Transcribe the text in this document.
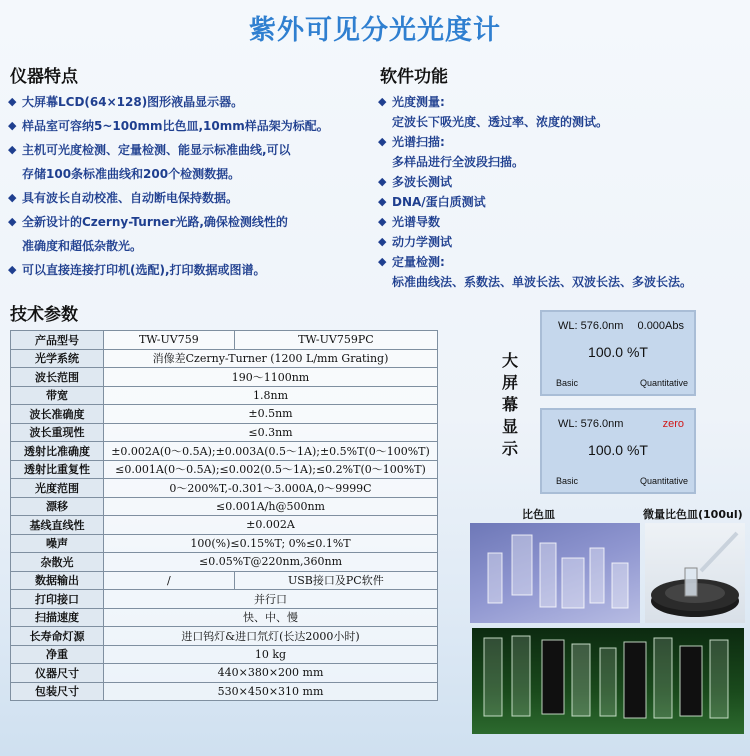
紫外可见分光光度计
仪器特点
◆ 大屏幕LCD(64×128)图形液晶显示器。
◆ 样品室可容纳5~100mm比色皿,10mm样品架为标配。
◆ 主机可光度检测、定量检测、能显示标准曲线,可以
存储100条标准曲线和200个检测数据。
◆ 具有波长自动校准、自动断电保持数据。
◆ 全新设计的Czerny-Turner光路,确保检测线性的
准确度和超低杂散光。
◆ 可以直接连接打印机(选配),打印数据或图谱。
软件功能
◆ 光度测量:
定波长下吸光度、透过率、浓度的测试。
◆ 光谱扫描:
多样品进行全波段扫描。
◆ 多波长测试
◆ DNA/蛋白质测试
◆ 光谱导数
◆ 动力学测试
◆ 定量检测:
标准曲线法、系数法、单波长法、双波长法、多波长法。
技术参数
产品型号	TW-UV759	TW-UV759PC
光学系统	消像差Czerny-Turner (1200 L/mm Grating)	
波长范围	190～1100nm	
带宽	1.8nm	
波长准确度	±0.5nm	
波长重现性	≤0.3nm	
透射比准确度	±0.002A(0～0.5A);±0.003A(0.5～1A);±0.5%T(0～100%T)	
透射比重复性	≤0.001A(0～0.5A);≤0.002(0.5～1A);≤0.2%T(0～100%T)	
光度范围	0～200%T,-0.301～3.000A,0～9999C	
漂移	≤0.001A/h@500nm	
基线直线性	±0.002A	
噪声	100(%)≤0.15%T; 0%≤0.1%T	
杂散光	≤0.05%T@220nm,360nm	
数据输出	/	USB接口及PC软件
打印接口	并行口	
扫描速度	快、中、慢	
长寿命灯源	进口钨灯&进口氘灯(长达2000小时)	
净重	10 kg	
仪器尺寸	440×380×200 mm	
包装尺寸	530×450×310 mm	
大
屏
幕
显
示
WL: 576.0nm 0.000Abs
100.0 %T
Basic	Quantitative
WL: 576.0nm	zero
100.0 %T
Basic	Quantitative
比色皿	微量比色皿(100ul)
